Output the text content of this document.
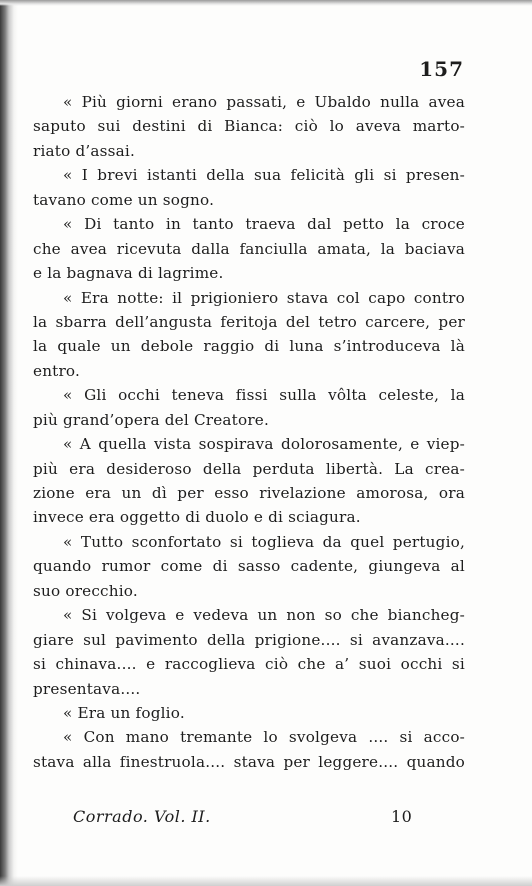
157
« Più giorni erano passati, e Ubaldo nulla avea
saputo sui destini di Bianca: ciò lo aveva marto-
riato d’assai.
« I brevi istanti della sua felicità gli si presen-
tavano come un sogno.
« Di tanto in tanto traeva dal petto la croce
che avea ricevuta dalla fanciulla amata, la baciava
e la bagnava di lagrime.
« Era notte: il prigioniero stava col capo contro
la sbarra dell’angusta feritoja del tetro carcere, per
la quale un debole raggio di luna s’introduceva là
entro.
« Gli occhi teneva fissi sulla vôlta celeste, la
più grand’opera del Creatore.
« A quella vista sospirava dolorosamente, e viep-
più era desideroso della perduta libertà. La crea-
zione era un dì per esso rivelazione amorosa, ora
invece era oggetto di duolo e di sciagura.
« Tutto sconfortato si toglieva da quel pertugio,
quando rumor come di sasso cadente, giungeva al
suo orecchio.
« Si volgeva e vedeva un non so che biancheg-
giare sul pavimento della prigione.... si avanzava....
si chinava.... e raccoglieva ciò che a’ suoi occhi si
presentava....
« Era un foglio.
« Con mano tremante lo svolgeva .... si acco-
stava alla finestruola.... stava per leggere.... quando
Corrado. Vol. II.	10
